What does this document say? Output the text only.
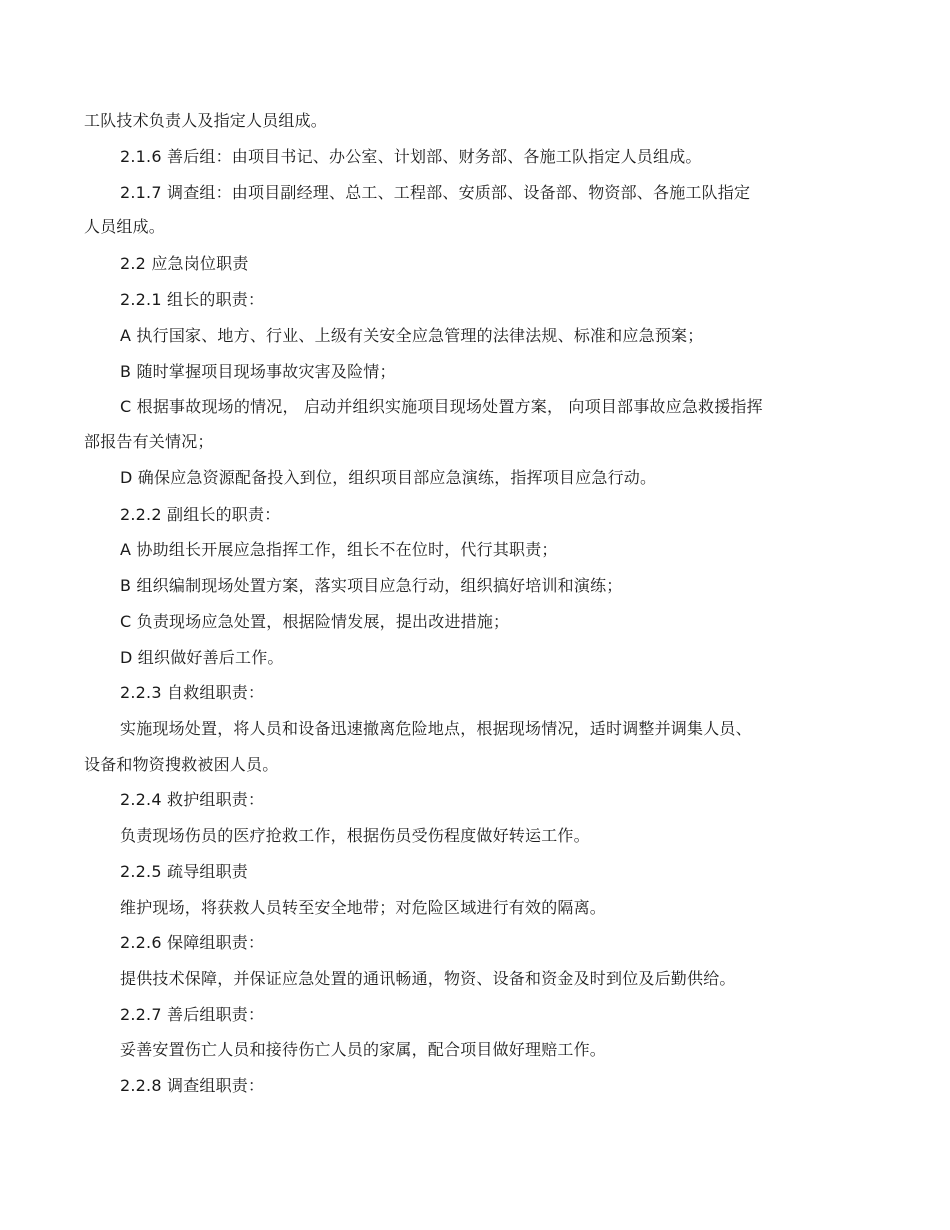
工队技术负责人及指定人员组成。
2.1.6 善后组：由项目书记、办公室、计划部、财务部、各施工队指定人员组成。
2.1.7 调查组：由项目副经理、总工、工程部、安质部、设备部、物资部、各施工队指定
人员组成。
2.2 应急岗位职责
2.2.1 组长的职责：
A 执行国家、地方、行业、上级有关安全应急管理的法律法规、标准和应急预案；
B 随时掌握项目现场事故灾害及险情；
C 根据事故现场的情况， 启动并组织实施项目现场处置方案， 向项目部事故应急救援指挥
部报告有关情况；
D 确保应急资源配备投入到位，组织项目部应急演练，指挥项目应急行动。
2.2.2 副组长的职责：
A 协助组长开展应急指挥工作，组长不在位时，代行其职责；
B 组织编制现场处置方案，落实项目应急行动，组织搞好培训和演练；
C 负责现场应急处置，根据险情发展，提出改进措施；
D 组织做好善后工作。
2.2.3 自救组职责：
实施现场处置，将人员和设备迅速撤离危险地点，根据现场情况，适时调整并调集人员、
设备和物资搜救被困人员。
2.2.4 救护组职责：
负责现场伤员的医疗抢救工作，根据伤员受伤程度做好转运工作。
2.2.5 疏导组职责
维护现场，将获救人员转至安全地带；对危险区域进行有效的隔离。
2.2.6 保障组职责：
提供技术保障，并保证应急处置的通讯畅通，物资、设备和资金及时到位及后勤供给。
2.2.7 善后组职责：
妥善安置伤亡人员和接待伤亡人员的家属，配合项目做好理赔工作。
2.2.8 调查组职责：
